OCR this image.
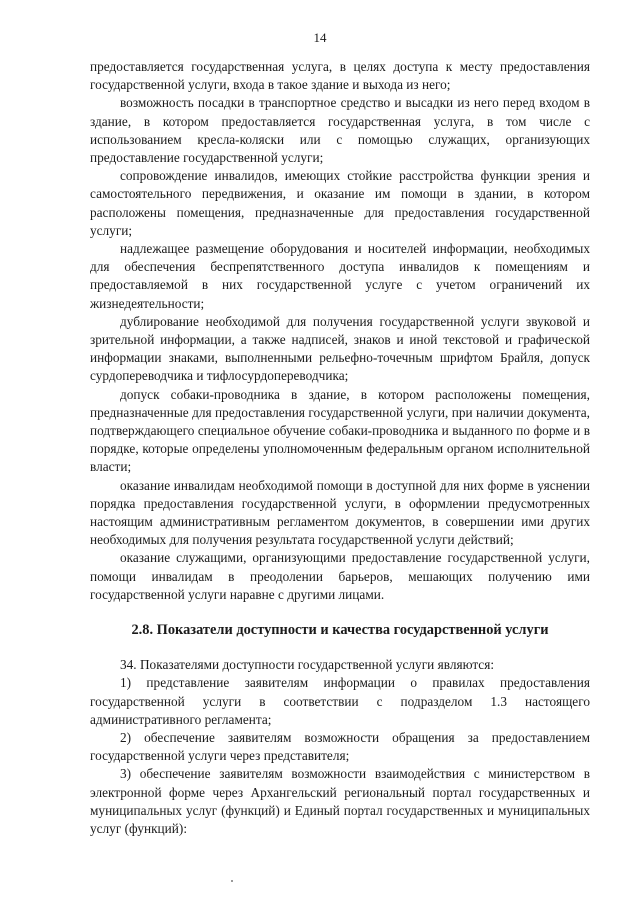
14

предоставляется государственная услуга, в целях доступа к месту предоставления государственной услуги, входа в такое здание и выхода из него;

возможность посадки в транспортное средство и высадки из него перед входом в здание, в котором предоставляется государственная услуга, в том числе с использованием кресла-коляски или с помощью служащих, организующих предоставление государственной услуги;

сопровождение инвалидов, имеющих стойкие расстройства функции зрения и самостоятельного передвижения, и оказание им помощи в здании, в котором расположены помещения, предназначенные для предоставления государственной услуги;

надлежащее размещение оборудования и носителей информации, необходимых для обеспечения беспрепятственного доступа инвалидов к помещениям и предоставляемой в них государственной услуге с учетом ограничений их жизнедеятельности;

дублирование необходимой для получения государственной услуги звуковой и зрительной информации, а также надписей, знаков и иной текстовой и графической информации знаками, выполненными рельефно-точечным шрифтом Брайля, допуск сурдопереводчика и тифлосурдопереводчика;

допуск собаки-проводника в здание, в котором расположены помещения, предназначенные для предоставления государственной услуги, при наличии документа, подтверждающего специальное обучение собаки-проводника и выданного по форме и в порядке, которые определены уполномоченным федеральным органом исполнительной власти;

оказание инвалидам необходимой помощи в доступной для них форме в уяснении порядка предоставления государственной услуги, в оформлении предусмотренных настоящим административным регламентом документов, в совершении ими других необходимых для получения результата государственной услуги действий;

оказание служащими, организующими предоставление государственной услуги, помощи инвалидам в преодолении барьеров, мешающих получению ими государственной услуги наравне с другими лицами.

2.8. Показатели доступности и качества государственной услуги

34. Показателями доступности государственной услуги являются:

1) представление заявителям информации о правилах предоставления государственной услуги в соответствии с подразделом 1.3 настоящего административного регламента;

2) обеспечение заявителям возможности обращения за предоставлением государственной услуги через представителя;

3) обеспечение заявителям возможности взаимодействия с министерством в электронной форме через Архангельский региональный портал государственных и муниципальных услуг (функций) и Единый портал государственных и муниципальных услуг (функций):
